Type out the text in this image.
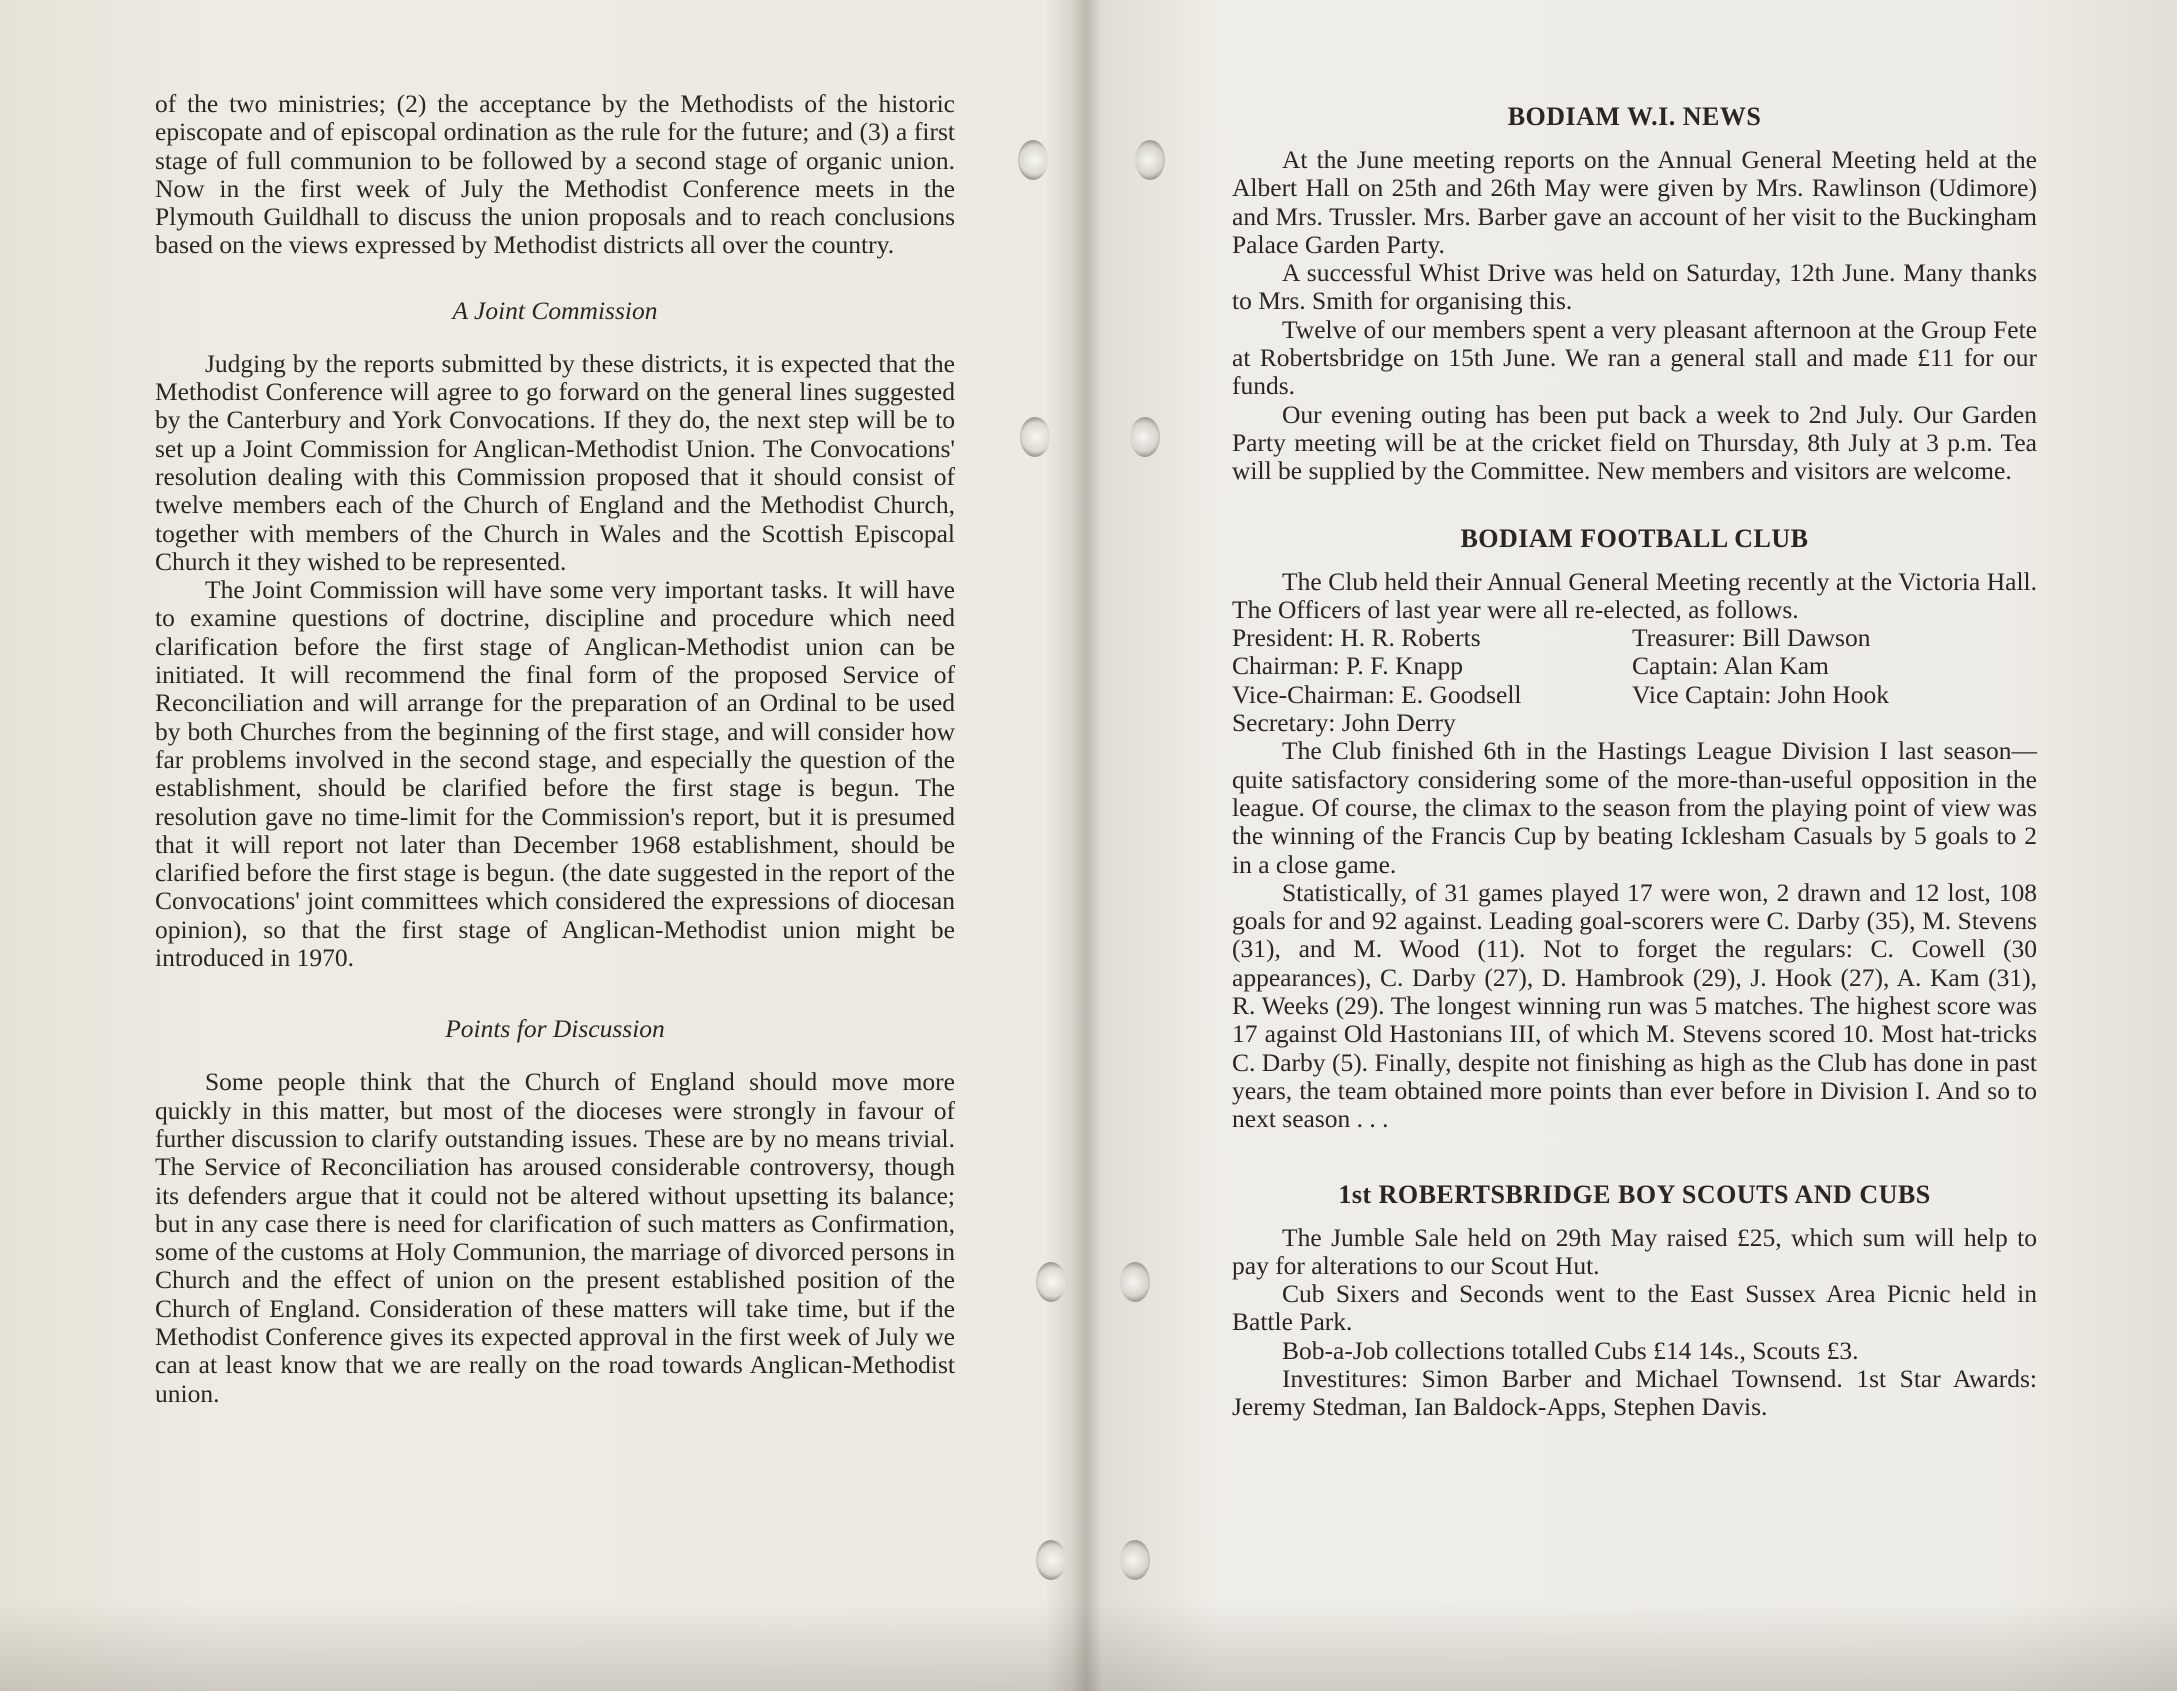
of the two ministries; (2) the acceptance by the Methodists of the historic episcopate and of episcopal ordination as the rule for the future; and (3) a first stage of full communion to be followed by a second stage of organic union. Now in the first week of July the Methodist Conference meets in the Plymouth Guildhall to discuss the union proposals and to reach conclusions based on the views expressed by Methodist districts all over the country.

A Joint Commission

Judging by the reports submitted by these districts, it is expected that the Methodist Conference will agree to go forward on the general lines suggested by the Canterbury and York Convocations. If they do, the next step will be to set up a Joint Commission for Anglican-Methodist Union. The Convocations' resolution dealing with this Commission proposed that it should consist of twelve members each of the Church of England and the Methodist Church, together with members of the Church in Wales and the Scottish Episcopal Church it they wished to be represented.

The Joint Commission will have some very important tasks. It will have to examine questions of doctrine, discipline and procedure which need clarification before the first stage of Anglican-Methodist union can be initiated. It will recommend the final form of the proposed Service of Reconciliation and will arrange for the preparation of an Ordinal to be used by both Churches from the beginning of the first stage, and will consider how far problems involved in the second stage, and especially the question of the establishment, should be clarified before the first stage is begun. The resolution gave no time-limit for the Commission's report, but it is presumed that it will report not later than December 1968 establishment, should be clarified before the first stage is begun. (the date suggested in the report of the Convocations' joint committees which considered the expressions of diocesan opinion), so that the first stage of Anglican-Methodist union might be introduced in 1970.

Points for Discussion

Some people think that the Church of England should move more quickly in this matter, but most of the dioceses were strongly in favour of further discussion to clarify outstanding issues. These are by no means trivial. The Service of Reconciliation has aroused considerable controversy, though its defenders argue that it could not be altered without upsetting its balance; but in any case there is need for clarification of such matters as Confirmation, some of the customs at Holy Communion, the marriage of divorced persons in Church and the effect of union on the present established position of the Church of England. Consideration of these matters will take time, but if the Methodist Conference gives its expected approval in the first week of July we can at least know that we are really on the road towards Anglican-Methodist union.

BODIAM W.I. NEWS

At the June meeting reports on the Annual General Meeting held at the Albert Hall on 25th and 26th May were given by Mrs. Rawlinson (Udimore) and Mrs. Trussler. Mrs. Barber gave an account of her visit to the Buckingham Palace Garden Party.

A successful Whist Drive was held on Saturday, 12th June. Many thanks to Mrs. Smith for organising this.

Twelve of our members spent a very pleasant afternoon at the Group Fete at Robertsbridge on 15th June. We ran a general stall and made £11 for our funds.

Our evening outing has been put back a week to 2nd July. Our Garden Party meeting will be at the cricket field on Thursday, 8th July at 3 p.m. Tea will be supplied by the Committee. New members and visitors are welcome.

BODIAM FOOTBALL CLUB

The Club held their Annual General Meeting recently at the Victoria Hall. The Officers of last year were all re-elected, as follows.

President: H. R. Roberts	Treasurer: Bill Dawson
Chairman: P. F. Knapp	Captain: Alan Kam
Vice-Chairman: E. Goodsell	Vice Captain: John Hook
Secretary: John Derry

The Club finished 6th in the Hastings League Division I last season—quite satisfactory considering some of the more-than-useful opposition in the league. Of course, the climax to the season from the playing point of view was the winning of the Francis Cup by beating Icklesham Casuals by 5 goals to 2 in a close game.

Statistically, of 31 games played 17 were won, 2 drawn and 12 lost, 108 goals for and 92 against. Leading goal-scorers were C. Darby (35), M. Stevens (31), and M. Wood (11). Not to forget the regulars: C. Cowell (30 appearances), C. Darby (27), D. Hambrook (29), J. Hook (27), A. Kam (31), R. Weeks (29). The longest winning run was 5 matches. The highest score was 17 against Old Hastonians III, of which M. Stevens scored 10. Most hat-tricks C. Darby (5). Finally, despite not finishing as high as the Club has done in past years, the team obtained more points than ever before in Division I. And so to next season . . .

1st ROBERTSBRIDGE BOY SCOUTS AND CUBS

The Jumble Sale held on 29th May raised £25, which sum will help to pay for alterations to our Scout Hut.

Cub Sixers and Seconds went to the East Sussex Area Picnic held in Battle Park.

Bob-a-Job collections totalled Cubs £14 14s., Scouts £3.

Investitures: Simon Barber and Michael Townsend. 1st Star Awards: Jeremy Stedman, Ian Baldock-Apps, Stephen Davis.
